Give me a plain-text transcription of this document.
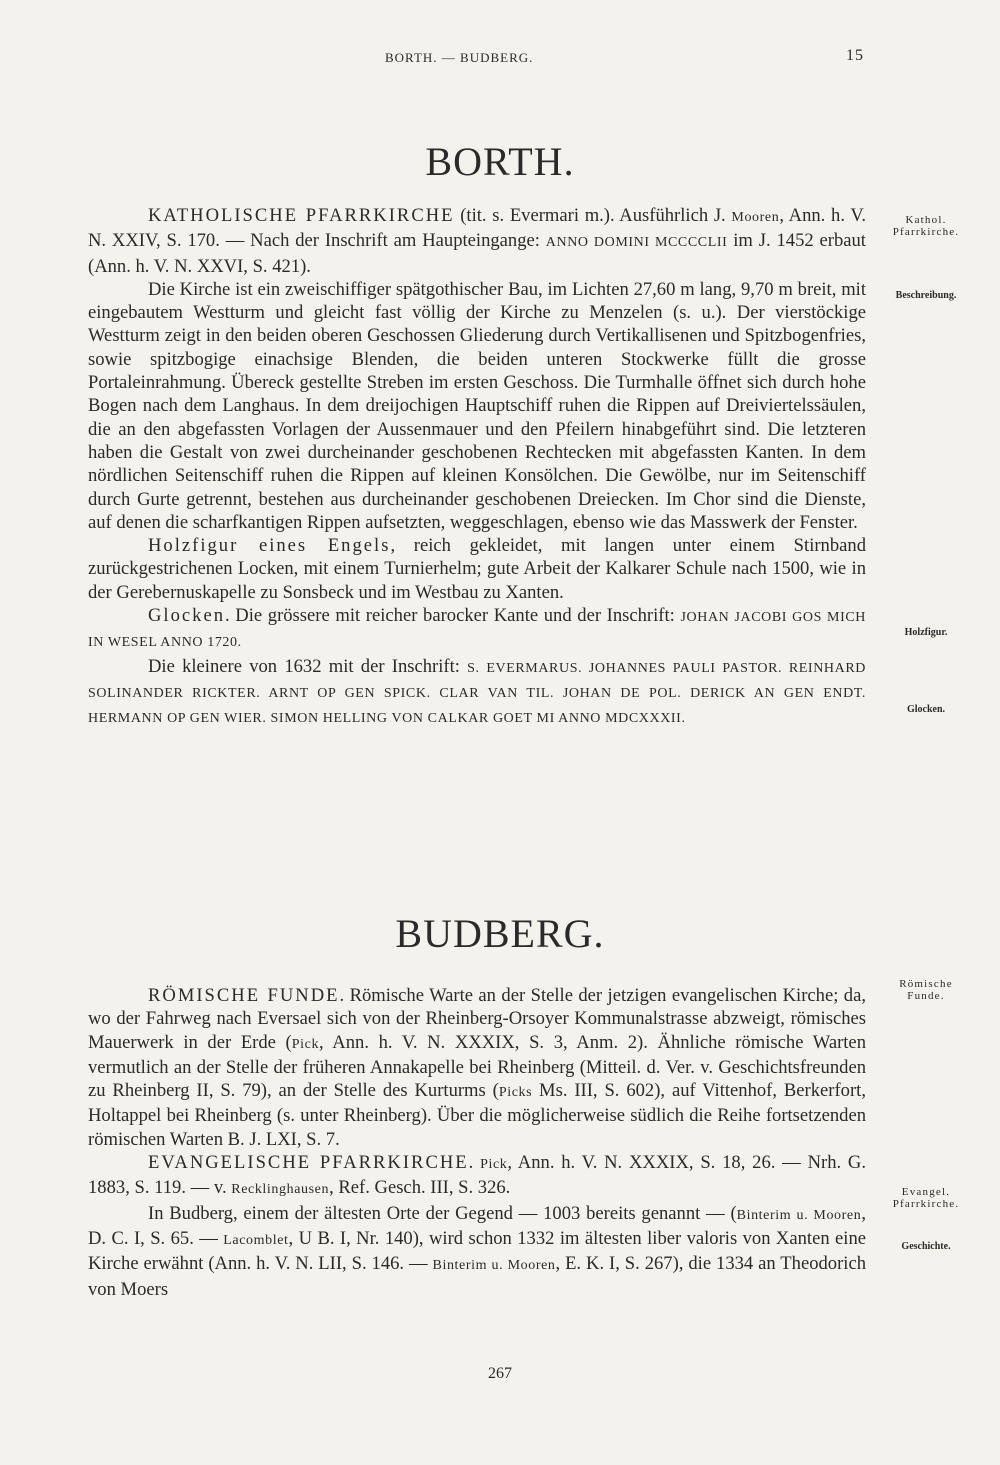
BORTH. — BUDBERG.	15
BORTH.

KATHOLISCHE PFARRKIRCHE (tit. s. Evermari m.). Ausführlich J. Mooren, Ann. h. V. N. XXIV, S. 170. — Nach der Inschrift am Haupteingange: ANNO DOMINI MCCCCLII im J. 1452 erbaut (Ann. h. V. N. XXVI, S. 421).

Die Kirche ist ein zweischiffiger spätgothischer Bau, im Lichten 27,60 m lang, 9,70 m breit, mit eingebautem Westturm und gleicht fast völlig der Kirche zu Menzelen (s. u.). Der vierstöckige Westturm zeigt in den beiden oberen Geschossen Gliederung durch Vertikallisenen und Spitzbogenfries, sowie spitzbogige einachsige Blenden, die beiden unteren Stockwerke füllt die grosse Portaleinrahmung. Übereck gestellte Streben im ersten Geschoss. Die Turmhalle öffnet sich durch hohe Bogen nach dem Langhaus. In dem dreijochigen Hauptschiff ruhen die Rippen auf Dreiviertelssäulen, die an den abgefassten Vorlagen der Aussenmauer und den Pfeilern hinabgeführt sind. Die letzteren haben die Gestalt von zwei durcheinander geschobenen Rechtecken mit abgefassten Kanten. In dem nördlichen Seitenschiff ruhen die Rippen auf kleinen Konsölchen. Die Gewölbe, nur im Seitenschiff durch Gurte getrennt, bestehen aus durcheinander geschobenen Dreiecken. Im Chor sind die Dienste, auf denen die scharfkantigen Rippen aufsetzten, weggeschlagen, ebenso wie das Masswerk der Fenster.

Holzfigur eines Engels, reich gekleidet, mit langen unter einem Stirnband zurückgestrichenen Locken, mit einem Turnierhelm; gute Arbeit der Kalkarer Schule nach 1500, wie in der Gerebernuskapelle zu Sonsbeck und im Westbau zu Xanten.

Glocken. Die grössere mit reicher barocker Kante und der Inschrift: JOHAN JACOBI GOS MICH IN WESEL ANNO 1720.

Die kleinere von 1632 mit der Inschrift: S. EVERMARUS. JOHANNES PAULI PASTOR. REINHARD SOLINANDER RICKTER. ARNT OP GEN SPICK. CLAR VAN TIL. JOHAN DE POL. DERICK AN GEN ENDT. HERMANN OP GEN WIER. SIMON HELLING VON CALKAR GOET MI ANNO MDCXXXII.

BUDBERG.

RÖMISCHE FUNDE. Römische Warte an der Stelle der jetzigen evangelischen Kirche; da, wo der Fahrweg nach Eversael sich von der Rheinberg-Orsoyer Kommunalstrasse abzweigt, römisches Mauerwerk in der Erde (Pick, Ann. h. V. N. XXXIX, S. 3, Anm. 2). Ähnliche römische Warten vermutlich an der Stelle der früheren Annakapelle bei Rheinberg (Mitteil. d. Ver. v. Geschichtsfreunden zu Rheinberg II, S. 79), an der Stelle des Kurturms (Picks Ms. III, S. 602), auf Vittenhof, Berkerfort, Holtappel bei Rheinberg (s. unter Rheinberg). Über die möglicherweise südlich die Reihe fortsetzenden römischen Warten B. J. LXI, S. 7.

EVANGELISCHE PFARRKIRCHE. Pick, Ann. h. V. N. XXXIX, S. 18, 26. — Nrh. G. 1883, S. 119. — v. Recklinghausen, Ref. Gesch. III, S. 326.

In Budberg, einem der ältesten Orte der Gegend — 1003 bereits genannt — (Binterim u. Mooren, D. C. I, S. 65. — Lacomblet, U B. I, Nr. 140), wird schon 1332 im ältesten liber valoris von Xanten eine Kirche erwähnt (Ann. h. V. N. LII, S. 146. — Binterim u. Mooren, E. K. I, S. 267), die 1334 an Theodorich von Moers

Kathol.
Pfarrkirche.
Beschreibung.
Holzfigur.
Glocken.
Römische
Funde.
Evangel.
Pfarrkirche.
Geschichte.
267
